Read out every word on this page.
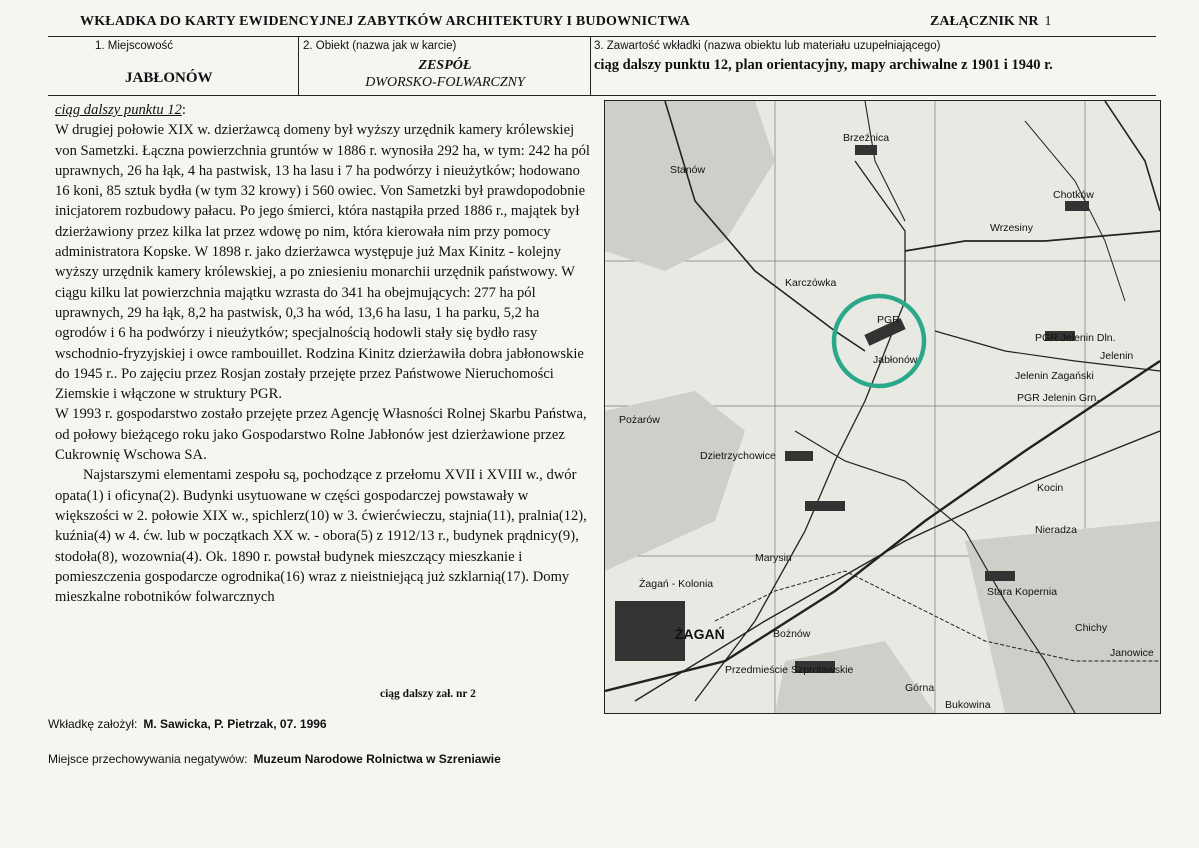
WKŁADKA DO KARTY EWIDENCYJNEJ ZABYTKÓW ARCHITEKTURY I BUDOWNICTWA	ZAŁĄCZNIK NR 1
1. Miejscowość
JABŁONÓW
2. Obiekt (nazwa jak w karcie)
ZESPÓŁ
DWORSKO-FOLWARCZNY
3. Zawartość wkładki (nazwa obiektu lub materiału uzupełniającego)
ciąg dalszy punktu 12, plan orientacyjny, mapy archiwalne z 1901 i 1940 r.

ciąg dalszy punktu 12:

W drugiej połowie XIX w. dzierżawcą domeny był wyższy urzędnik kamery królewskiej von Sametzki. Łączna powierzchnia gruntów w 1886 r. wynosiła 292 ha, w tym: 242 ha pól uprawnych, 26 ha łąk, 4 ha pastwisk, 13 ha lasu i 7 ha podwórzy i nieużytków; hodowano 16 koni, 85 sztuk bydła (w tym 32 krowy) i 560 owiec. Von Sametzki był prawdopodobnie inicjatorem rozbudowy pałacu. Po jego śmierci, która nastąpiła przed 1886 r., majątek był dzierżawiony przez kilka lat przez wdowę po nim, która kierowała nim przy pomocy administratora Kopske. W 1898 r. jako dzierżawca występuje już Max Kinitz - kolejny wyższy urzędnik kamery królewskiej, a po zniesieniu monarchii urzędnik państwowy. W ciągu kilku lat powierzchnia majątku wzrasta do 341 ha obejmujących: 277 ha pól uprawnych, 29 ha łąk, 8,2 ha pastwisk, 0,3 ha wód, 13,6 ha lasu, 1 ha parku, 5,2 ha ogrodów i 6 ha podwórzy i nieużytków; specjalnością hodowli stały się bydło rasy wschodnio-fryzyjskiej i owce rambouillet. Rodzina Kinitz dzierżawiła dobra jabłonowskie do 1945 r.. Po zajęciu przez Rosjan zostały przejęte przez Państwowe Nieruchomości Ziemskie i włączone w struktury PGR.

W 1993 r. gospodarstwo zostało przejęte przez Agencję Własności Rolnej Skarbu Państwa, od połowy bieżącego roku jako Gospodarstwo Rolne Jabłonów jest dzierżawione przez Cukrownię Wschowa SA.

Najstarszymi elementami zespołu są, pochodzące z przełomu XVII i XVIII w., dwór opata(1) i oficyna(2). Budynki usytuowane w części gospodarczej powstawały w większości w 2. połowie XIX w., spichlerz(10) w 3. ćwierćwieczu, stajnia(11), pralnia(12), kuźnia(4) w 4. ćw. lub w początkach XX w. - obora(5) z 1912/13 r., budynek prądnicy(9), stodoła(8), wozownia(4). Ok. 1890 r. powstał budynek mieszczący mieszkanie i pomieszczenia gospodarcze ogrodnika(16) wraz z nieistniejącą już szklarnią(17). Domy mieszkalne robotników folwarcznych

ciąg dalszy zał. nr 2
Brzeźnica
Chotków
Wrzesiny
Karczówka
Jabłonów	Jelenin
Jelenin Zagański
PGR Jelenin Grn.
PGR Jelenin Dln.
Pożarów
Dzietrzychowice
Kocin
Stara Kopernia
Żagań - Kolonia
ŻAGAŃ	Bożnów
Przedmieście Szprotawskie
Górna
Bukowina
Stanów
Marysin
Chichy
Janowice
Nieradza
PGR
Wkładkę założył: M. Sawicka, P. Pietrzak, 07. 1996
Miejsce przechowywania negatywów: Muzeum Narodowe Rolnictwa w Szreniawie
